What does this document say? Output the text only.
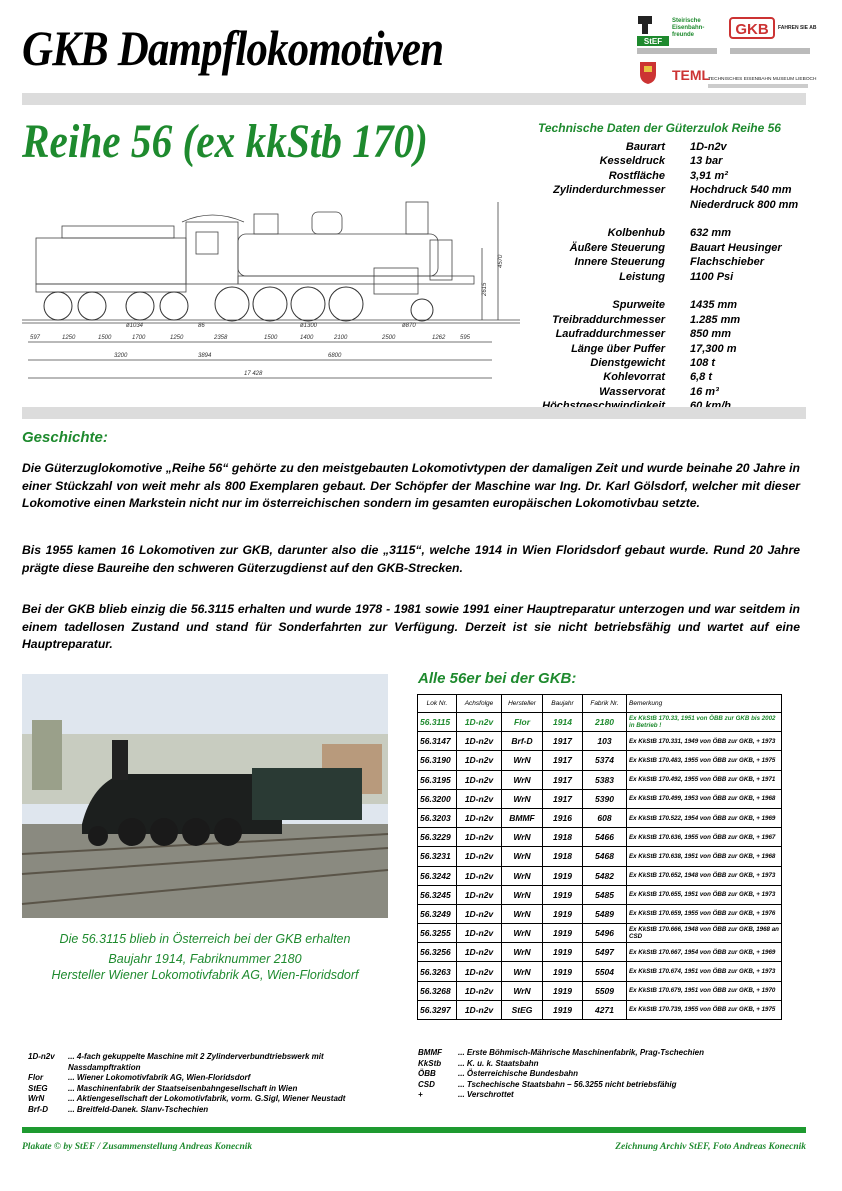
GKB Dampflokomotiven	StEF
Steirische
Eisenbahn-
freunde	GKB FAHREN SIE AB
TEML
TECHNISCHES EISENBAHN MUSEUM LIEBOCH
Reihe 56 (ex kkStb 170)	Technische Daten der Güterzulok Reihe 56
Baurart	1D-n2v
Kesseldruck	13 bar
Rostfläche	3,91 m²
Zylinderdurchmesser	Hochdruck 540 mm
Niederdruck 800 mm
Kolbenhub	632 mm
Äußere Steuerung	Bauart Heusinger
Innere Steuerung	Flachschieber
Leistung	1100 Psi
Spurweite	1435 mm
Treibraddurchmesser	1.285 mm
Laufraddurchmesser	850 mm
Länge über Puffer	17,300 m
Dienstgewicht	108 t
Kohlevorrat	6,8 t
Wasservorat	16 m³
597	1250	1500	1700	1250	2358	1500	1400	2100	2500	1262 595
3200	3894	6800
17 428
ø1034	86	ø1300	ø870
2615
4570
Geschichte:
Die Güterzuglokomotive „Reihe 56“ gehörte zu den meistgebauten Lokomotivtypen der damaligen Zeit und wurde beinahe 20 Jahre in einer Stückzahl von weit mehr als 800 Exemplaren gebaut. Der Schöpfer der Maschine war Ing. Dr. Karl Gölsdorf, welcher mit dieser Lokomotive einen Markstein nicht nur im österreichischen sondern im gesamten europäischen Lokomotivbau setzte.
Bis 1955 kamen 16 Lokomotiven zur GKB, darunter also die „3115“, welche 1914 in Wien Floridsdorf gebaut wurde. Rund 20 Jahre prägte diese Baureihe den schweren Güterzugdienst auf den GKB-Strecken.
Bei der GKB blieb einzig die 56.3115 erhalten und wurde 1978 - 1981 sowie 1991 einer Hauptreparatur unterzogen und war seitdem in einem tadellosen Zustand und stand für Sonderfahrten zur Verfügung. Derzeit ist sie nicht betriebsfähig und wartet auf eine Hauptreparatur.
Die 56.3115 blieb in Österreich bei der GKB erhalten
Baujahr 1914, Fabriknummer 2180
Hersteller Wiener Lokomotivfabrik AG, Wien-Floridsdorf
Alle 56er bei der GKB:
Lok Nr.	Achsfolge	Hersteller	Baujahr	Fabrik Nr.	Bemerkung
56.3115	1D-n2v	Flor	1914	2180	Ex KkStB 170.33, 1951 von ÖBB zur GKB bis 2002 in Betrieb !
56.3147	1D-n2v	Brf-D	1917	103	Ex KkStB 170.331, 1949 von ÖBB zur GKB, + 1973
56.3190	1D-n2v	WrN	1917	5374	Ex KkStB 170.483, 1955 von ÖBB zur GKB, + 1975
56.3195	1D-n2v	WrN	1917	5383	Ex KkStB 170.492, 1955 von ÖBB zur GKB, + 1971
56.3200	1D-n2v	WrN	1917	5390	Ex KkStB 170.499, 1953 von ÖBB zur GKB, + 1968
56.3203	1D-n2v	BMMF	1916	608	Ex KkStB 170.522, 1954 von ÖBB zur GKB, + 1969
56.3229	1D-n2v	WrN	1918	5466	Ex KkStB 170.636, 1955 von ÖBB zur GKB, + 1967
56.3231	1D-n2v	WrN	1918	5468	Ex KkStB 170.638, 1951 von ÖBB zur GKB, + 1968
56.3242	1D-n2v	WrN	1919	5482	Ex KkStB 170.652, 1948 von ÖBB zur GKB, + 1973
56.3245	1D-n2v	WrN	1919	5485	Ex KkStB 170.655, 1951 von ÖBB zur GKB, + 1973
56.3249	1D-n2v	WrN	1919	5489	Ex KkStB 170.659, 1955 von ÖBB zur GKB, + 1976
56.3255	1D-n2v	WrN	1919	5496	Ex KkStB 170.666, 1948 von ÖBB zur GKB, 1968 an CSD
56.3256	1D-n2v	WrN	1919	5497	Ex KkStB 170.667, 1954 von ÖBB zur GKB, + 1969
56.3263	1D-n2v	WrN	1919	5504	Ex KkStB 170.674, 1951 von ÖBB zur GKB, + 1973
56.3268	1D-n2v	WrN	1919	5509	Ex KkStB 170.679, 1951 von ÖBB zur GKB, + 1970
56.3297	1D-n2v	StEG	1919	4271	Ex KkStB 170.739, 1955 von ÖBB zur GKB, + 1975
1D-n2v	... 4-fach gekuppelte Maschine mit 2 Zylinderverbundtriebswerk mit Nassdampftraktion
Flor	... Wiener Lokomotivfabrik AG, Wien-Floridsdorf
StEG	... Maschinenfabrik der Staatseisenbahngesellschaft in Wien
WrN	... Aktiengesellschaft der Lokomotivfabrik, vorm. G.Sigl, Wiener Neustadt
Brf-D	... Breitfeld-Danek. Slanv-Tschechien
BMMF	... Erste Böhmisch-Mährische Maschinenfabrik, Prag-Tschechien
KkStb	... K. u. k. Staatsbahn
ÖBB	... Österreichische Bundesbahn
CSD	... Tschechische Staatsbahn – 56.3255 nicht betriebsfähig
+	... Verschrottet
Plakate © by StEF / Zusammenstellung Andreas Konecnik	Zeichnung Archiv StEF, Foto Andreas Konecnik
